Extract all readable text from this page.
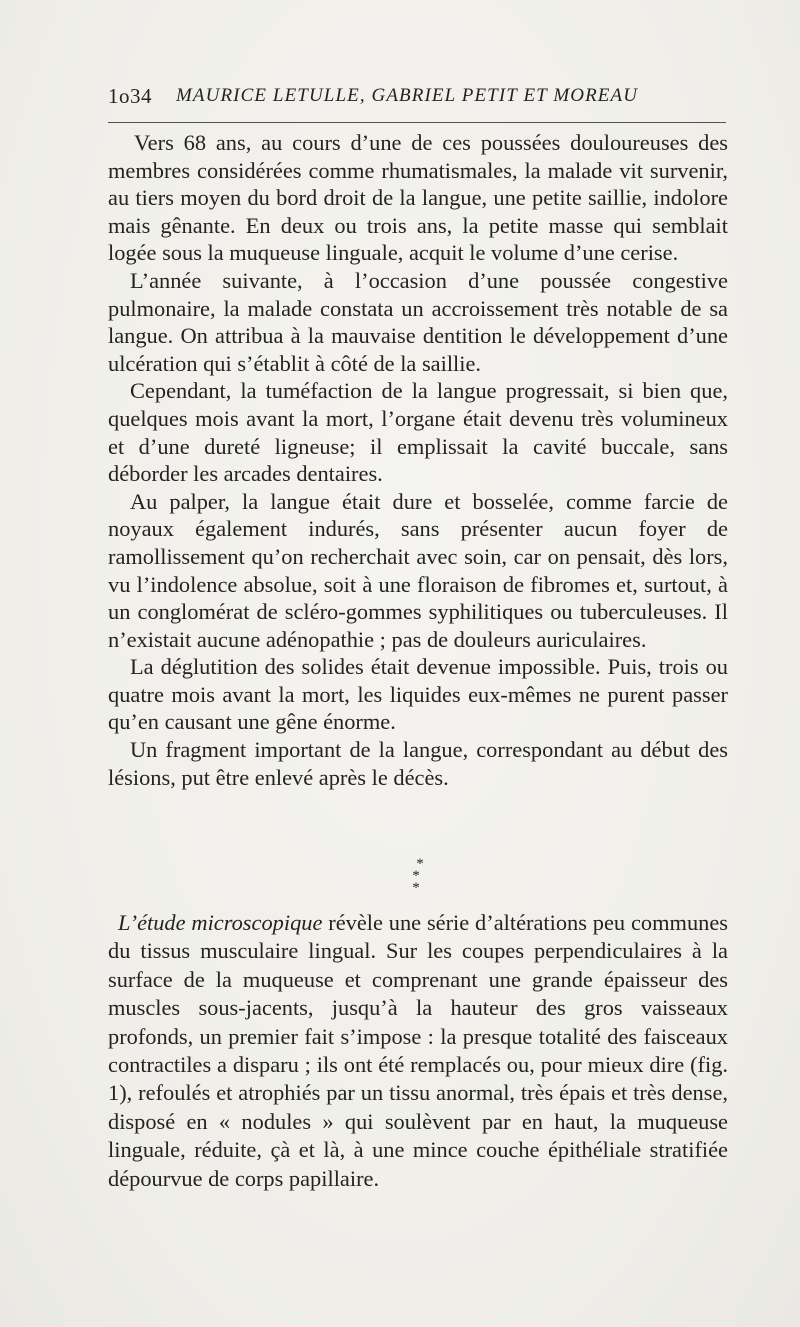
1o34 MAURICE LETULLE, GABRIEL PETIT ET MOREAU

Vers 68 ans, au cours d’une de ces poussées douloureuses des membres considérées comme rhumatismales, la malade vit survenir, au tiers moyen du bord droit de la langue, une petite saillie, indolore mais gênante. En deux ou trois ans, la petite masse qui semblait logée sous la muqueuse linguale, acquit le volume d’une cerise.

L’année suivante, à l’occasion d’une poussée congestive pulmonaire, la malade constata un accroissement très notable de sa langue. On attribua à la mauvaise dentition le développement d’une ulcération qui s’établit à côté de la saillie.

Cependant, la tuméfaction de la langue progressait, si bien que, quelques mois avant la mort, l’organe était devenu très volumineux et d’une dureté ligneuse; il emplissait la cavité buccale, sans déborder les arcades dentaires.

Au palper, la langue était dure et bosselée, comme farcie de noyaux également indurés, sans présenter aucun foyer de ramollissement qu’on recherchait avec soin, car on pensait, dès lors, vu l’indolence absolue, soit à une floraison de fibromes et, surtout, à un conglomérat de scléro-gommes syphilitiques ou tuberculeuses. Il n’existait aucune adénopathie ; pas de douleurs auriculaires.

La déglutition des solides était devenue impossible. Puis, trois ou quatre mois avant la mort, les liquides eux-mêmes ne purent passer qu’en causant une gêne énorme.

Un fragment important de la langue, correspondant au début des lésions, put être enlevé après le décès.

*
* *

L’étude microscopique révèle une série d’altérations peu communes du tissus musculaire lingual. Sur les coupes perpendiculaires à la surface de la muqueuse et comprenant une grande épaisseur des muscles sous-jacents, jusqu’à la hauteur des gros vaisseaux profonds, un premier fait s’impose : la presque totalité des faisceaux contractiles a disparu ; ils ont été remplacés ou, pour mieux dire (fig. 1), refoulés et atrophiés par un tissu anormal, très épais et très dense, disposé en « nodules » qui soulèvent par en haut, la muqueuse linguale, réduite, çà et là, à une mince couche épithéliale stratifiée dépourvue de corps papillaire.
